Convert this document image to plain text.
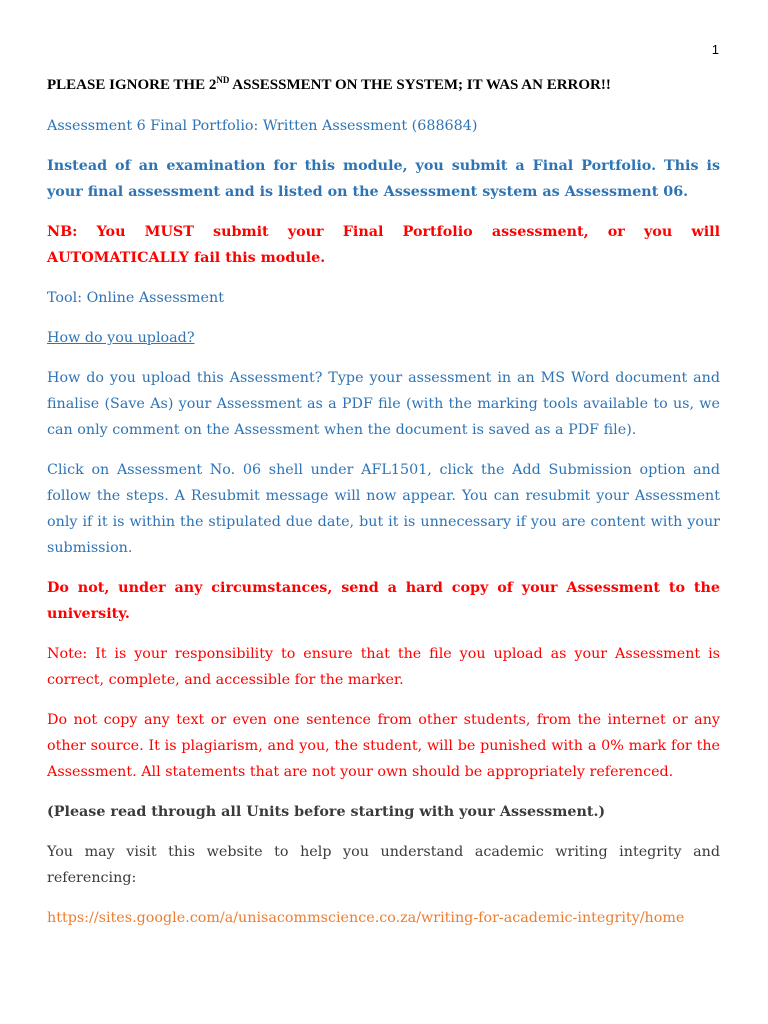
1

PLEASE IGNORE THE 2ND ASSESSMENT ON THE SYSTEM; IT WAS AN ERROR!!

Assessment 6 Final Portfolio: Written Assessment (688684)

Instead of an examination for this module, you submit a Final Portfolio. This is your final assessment and is listed on the Assessment system as Assessment 06.

NB: You MUST submit your Final Portfolio assessment, or you will AUTOMATICALLY fail this module.

Tool: Online Assessment

How do you upload?

How do you upload this Assessment? Type your assessment in an MS Word document and finalise (Save As) your Assessment as a PDF file (with the marking tools available to us, we can only comment on the Assessment when the document is saved as a PDF file).

Click on Assessment No. 06 shell under AFL1501, click the Add Submission option and follow the steps. A Resubmit message will now appear. You can resubmit your Assessment only if it is within the stipulated due date, but it is unnecessary if you are content with your submission.

Do not, under any circumstances, send a hard copy of your Assessment to the university.

Note: It is your responsibility to ensure that the file you upload as your Assessment is correct, complete, and accessible for the marker.

Do not copy any text or even one sentence from other students, from the internet or any other source. It is plagiarism, and you, the student, will be punished with a 0% mark for the Assessment. All statements that are not your own should be appropriately referenced.

(Please read through all Units before starting with your Assessment.)

You may visit this website to help you understand academic writing integrity and referencing:

https://sites.google.com/a/unisacommscience.co.za/writing-for-academic-integrity/home
